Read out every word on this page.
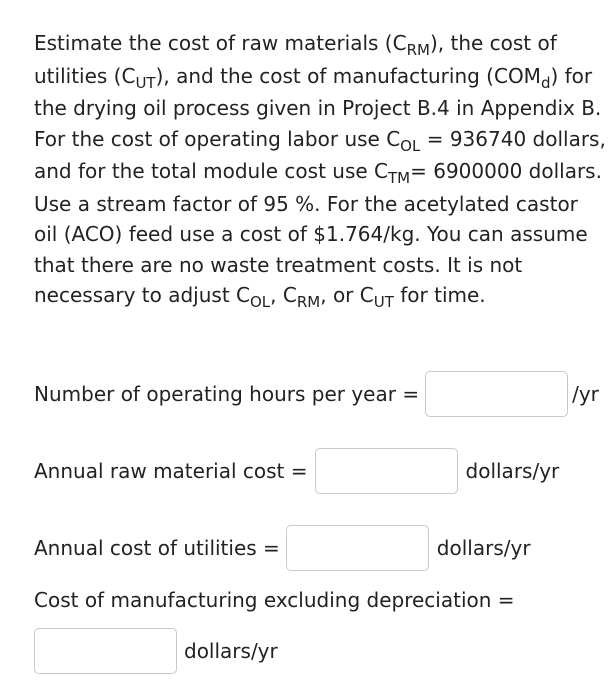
Estimate the cost of raw materials $(C_{RM})$, the cost of utilities $(C_{UT})$, and the cost of manufacturing $(COM_d)$ for the drying oil process given in Project B.4 in Appendix B. For the cost of operating labor use $C_{OL} = 936740$ dollars, and for the total module cost use $C_{TM}= 6900000$ dollars. Use a stream factor of 95 %. For the acetylated castor oil (ACO) feed use a cost of $1.764/kg. You can assume that there are no waste treatment costs. It is not necessary to adjust $C_{OL}$, $C_{RM}$, or $C_{UT}$ for time.

Number of operating hours per year =	/yr
Annual raw material cost =	dollars/yr
Annual cost of utilities =	dollars/yr
Cost of manufacturing excluding depreciation =
dollars/yr
